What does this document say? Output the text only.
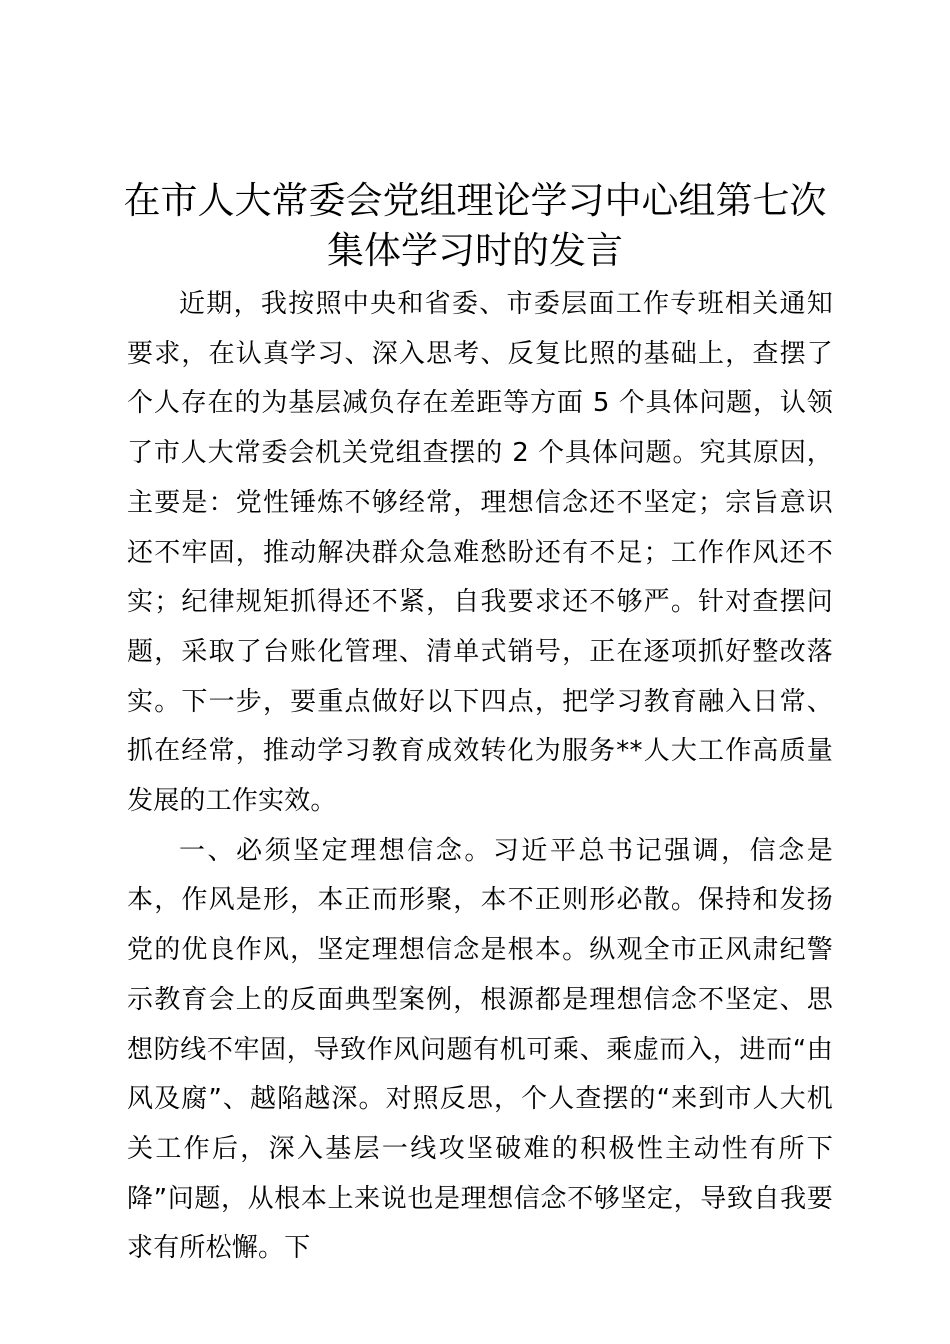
在市人大常委会党组理论学习中心组第七次集体学习时的发言

近期，我按照中央和省委、市委层面工作专班相关通知要求，在认真学习、深入思考、反复比照的基础上，查摆了个人存在的为基层减负存在差距等方面 5 个具体问题，认领了市人大常委会机关党组查摆的 2 个具体问题。究其原因，主要是：党性锤炼不够经常，理想信念还不坚定；宗旨意识还不牢固，推动解决群众急难愁盼还有不足；工作作风还不实；纪律规矩抓得还不紧，自我要求还不够严。针对查摆问题，采取了台账化管理、清单式销号，正在逐项抓好整改落实。下一步，要重点做好以下四点，把学习教育融入日常、抓在经常，推动学习教育成效转化为服务**人大工作高质量发展的工作实效。

一、必须坚定理想信念。习近平总书记强调，信念是本，作风是形，本正而形聚，本不正则形必散。保持和发扬党的优良作风，坚定理想信念是根本。纵观全市正风肃纪警示教育会上的反面典型案例，根源都是理想信念不坚定、思想防线不牢固，导致作风问题有机可乘、乘虚而入，进而“由风及腐”、越陷越深。对照反思，个人查摆的“来到市人大机关工作后，深入基层一线攻坚破难的积极性主动性有所下降”问题，从根本上来说也是理想信念不够坚定，导致自我要求有所松懈。下
